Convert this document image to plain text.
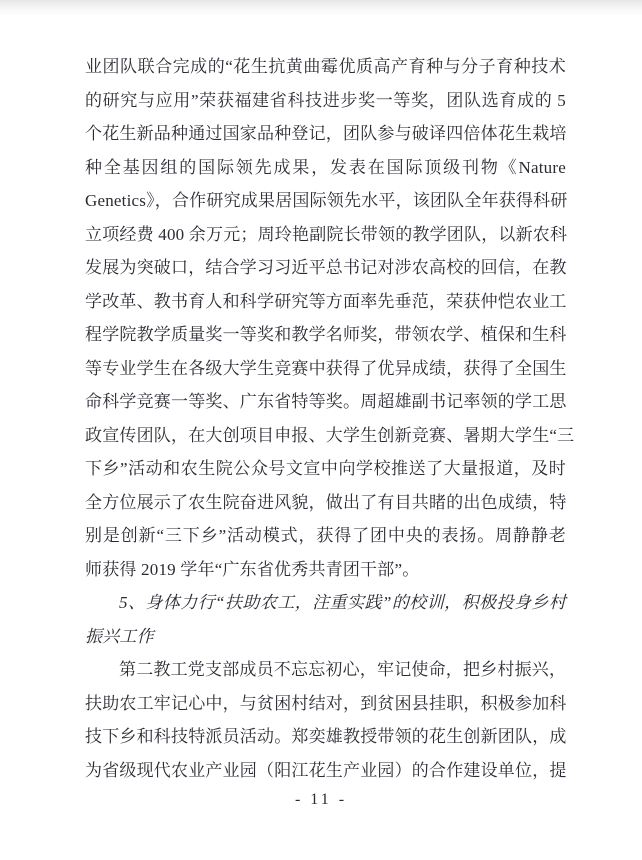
业团队联合完成的“花生抗黄曲霉优质高产育种与分子育种技术
的研究与应用”荣获福建省科技进步奖一等奖，团队选育成的 5
个花生新品种通过国家品种登记，团队参与破译四倍体花生栽培
种全基因组的国际领先成果，发表在国际顶级刊物《Nature
Genetics》，合作研究成果居国际领先水平，该团队全年获得科研
立项经费 400 余万元；周玲艳副院长带领的教学团队，以新农科
发展为突破口，结合学习习近平总书记对涉农高校的回信，在教
学改革、教书育人和科学研究等方面率先垂范，荣获仲恺农业工
程学院教学质量奖一等奖和教学名师奖，带领农学、植保和生科
等专业学生在各级大学生竞赛中获得了优异成绩，获得了全国生
命科学竞赛一等奖、广东省特等奖。周超雄副书记率领的学工思
政宣传团队，在大创项目申报、大学生创新竞赛、暑期大学生“三
下乡”活动和农生院公众号文宣中向学校推送了大量报道，及时
全方位展示了农生院奋进风貌，做出了有目共睹的出色成绩，特
别是创新“三下乡”活动模式，获得了团中央的表扬。周静静老
师获得 2019 学年“广东省优秀共青团干部”。
5、身体力行“扶助农工，注重实践”的校训，积极投身乡村
振兴工作
第二教工党支部成员不忘忘初心，牢记使命，把乡村振兴，
扶助农工牢记心中，与贫困村结对，到贫困县挂职，积极参加科
技下乡和科技特派员活动。郑奕雄教授带领的花生创新团队，成
为省级现代农业产业园（阳江花生产业园）的合作建设单位，提
- 11 -
